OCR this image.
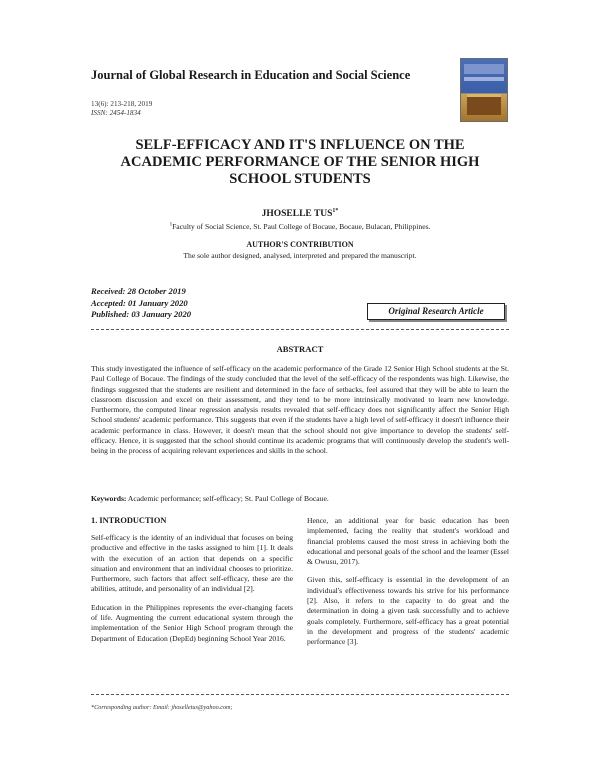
Journal of Global Research in Education and Social Science
13(6): 213-218, 2019
ISSN: 2454-1834
SELF-EFFICACY AND IT'S INFLUENCE ON THE
ACADEMIC PERFORMANCE OF THE SENIOR HIGH
SCHOOL STUDENTS
JHOSELLE $TUS^{1*}$
$^1$Faculty of Social Science, St. Paul College of Bocaue, Bocaue, Bulacan, Philippines.
AUTHOR'S CONTRIBUTION
The sole author designed, analysed, interpreted and prepared the manuscript.
Received: 28 October 2019
Accepted: 01 January 2020
Published: 03 January 2020	Original Research Article
ABSTRACT
This study investigated the influence of self-efficacy on the academic performance of the Grade 12 Senior High School students at the St. Paul College of Bocaue. The findings of the study concluded that the level of the self-efficacy of the respondents was high. Likewise, the findings suggested that the students are resilient and determined in the face of setbacks, feel assured that they will be able to learn the classroom discussion and excel on their assessment, and they tend to be more intrinsically motivated to learn new knowledge. Furthermore, the computed linear regression analysis results revealed that self-efficacy does not significantly affect the Senior High School students' academic performance. This suggests that even if the students have a high level of self-efficacy it doesn't influence their academic performance in class. However, it doesn't mean that the school should not give importance to develop the students' self-efficacy. Hence, it is suggested that the school should continue its academic programs that will continuously develop the student's well-being in the process of acquiring relevant experiences and skills in the school.
Keywords: Academic performance; self-efficacy; St. Paul College of Bocaue.
1. INTRODUCTION

Self-efficacy is the identity of an individual that focuses on being productive and effective in the tasks assigned to him [1]. It deals with the execution of an action that depends on a specific situation and environment that an individual chooses to prioritize. Furthermore, such factors that affect self-efficacy, these are the abilities, attitude, and personality of an individual [2].

Education in the Philippines represents the ever-changing facets of life. Augmenting the current educational system through the implementation of the Senior High School program through the Department of Education (DepEd) beginning School Year 2016.

Hence, an additional year for basic education has been implemented, facing the reality that student's workload and financial problems caused the most stress in achieving both the educational and personal goals of the school and the learner (Essel & Owusu, 2017).

Given this, self-efficacy is essential in the development of an individual's effectiveness towards his strive for his performance [2]. Also, it refers to the capacity to do great and the determination in doing a given task successfully and to achieve goals completely. Furthermore, self-efficacy has a great potential in the development and progress of the students' academic performance [3].

*Corresponding author: Email: jhoselletus@yahoo.com;
